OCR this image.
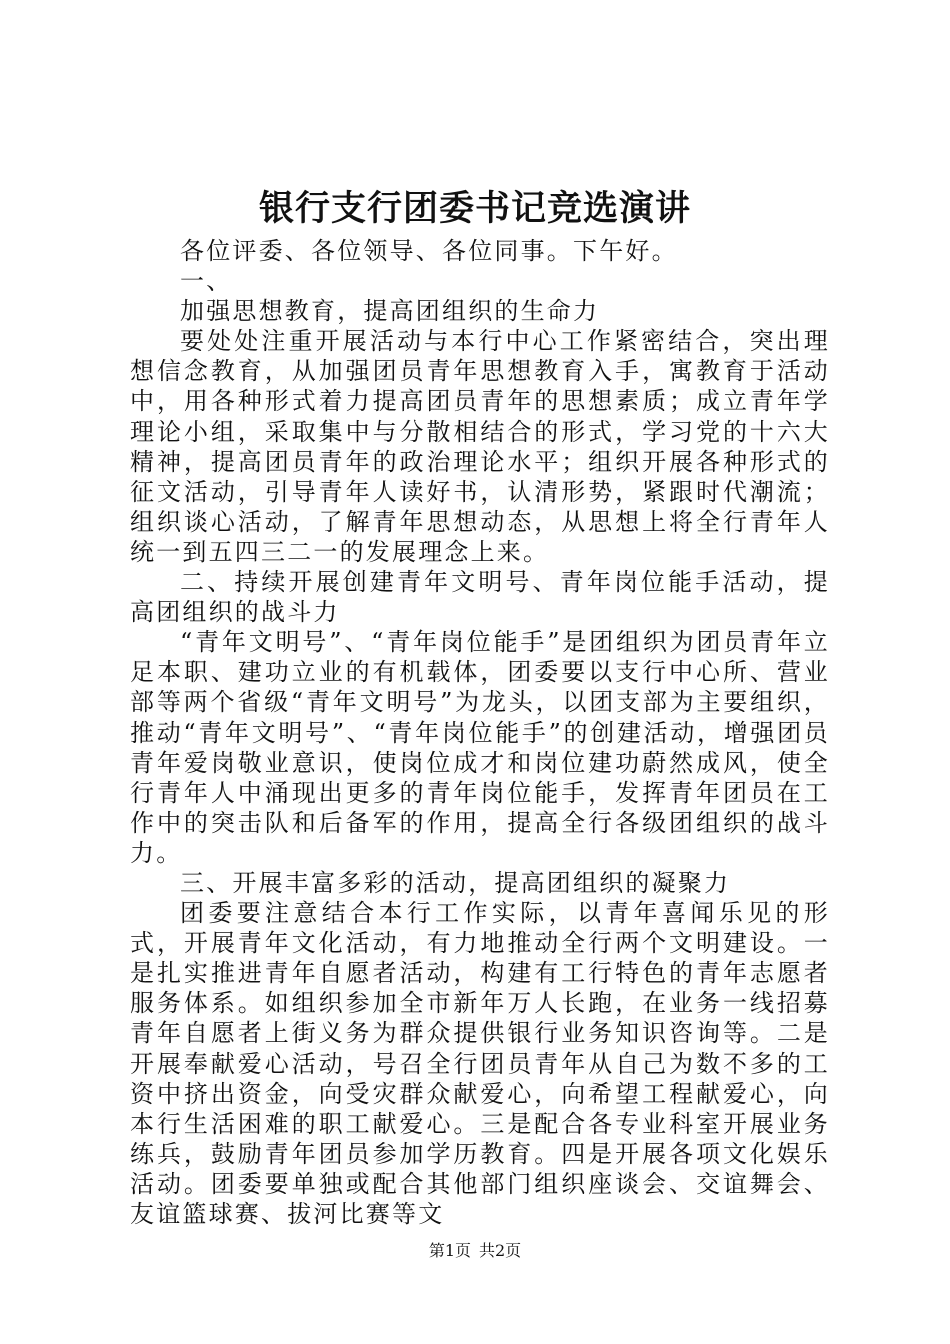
银行支行团委书记竞选演讲

各位评委、各位领导、各位同事。下午好。

一、

加强思想教育，提高团组织的生命力

要处处注重开展活动与本行中心工作紧密结合，突出理想信念教育，从加强团员青年思想教育入手，寓教育于活动中，用各种形式着力提高团员青年的思想素质；成立青年学理论小组，采取集中与分散相结合的形式，学习党的十六大精神，提高团员青年的政治理论水平；组织开展各种形式的征文活动，引导青年人读好书，认清形势，紧跟时代潮流；组织谈心活动，了解青年思想动态，从思想上将全行青年人统一到五四三二一的发展理念上来。

二、持续开展创建青年文明号、青年岗位能手活动，提高团组织的战斗力

“青年文明号”、“青年岗位能手”是团组织为团员青年立足本职、建功立业的有机载体，团委要以支行中心所、营业部等两个省级“青年文明号”为龙头，以团支部为主要组织，推动“青年文明号”、“青年岗位能手”的创建活动，增强团员青年爱岗敬业意识，使岗位成才和岗位建功蔚然成风，使全行青年人中涌现出更多的青年岗位能手，发挥青年团员在工作中的突击队和后备军的作用，提高全行各级团组织的战斗力。

三、开展丰富多彩的活动，提高团组织的凝聚力

团委要注意结合本行工作实际，以青年喜闻乐见的形式，开展青年文化活动，有力地推动全行两个文明建设。一是扎实推进青年自愿者活动，构建有工行特色的青年志愿者服务体系。如组织参加全市新年万人长跑，在业务一线招募青年自愿者上街义务为群众提供银行业务知识咨询等。二是开展奉献爱心活动，号召全行团员青年从自己为数不多的工资中挤出资金，向受灾群众献爱心，向希望工程献爱心，向本行生活困难的职工献爱心。三是配合各专业科室开展业务练兵，鼓励青年团员参加学历教育。四是开展各项文化娱乐活动。团委要单独或配合其他部门组织座谈会、交谊舞会、友谊篮球赛、拔河比赛等文

第1页 共2页
